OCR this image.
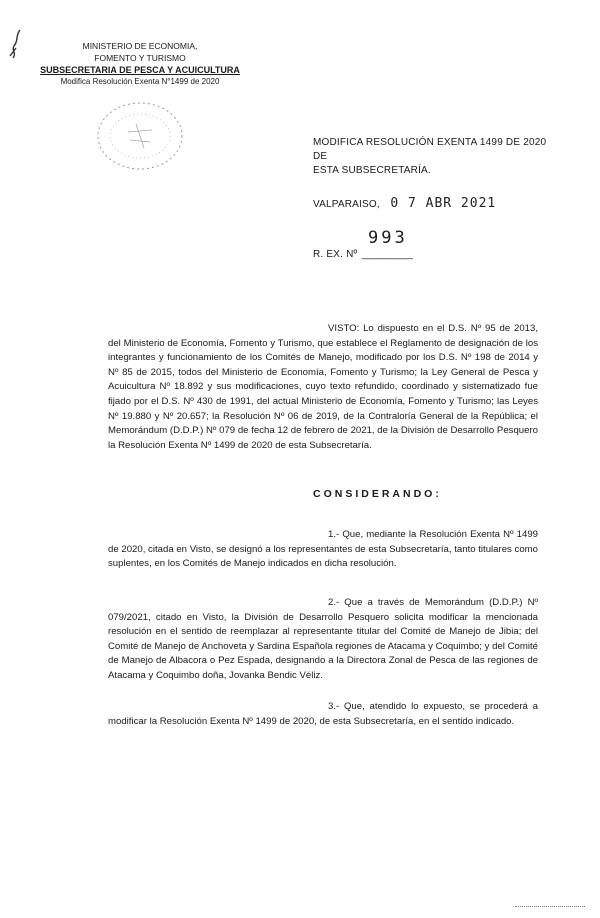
MINISTERIO DE ECONOMIA,
FOMENTO Y TURISMO
SUBSECRETARIA DE PESCA Y ACUICULTURA
Modifica Resolución Exenta N°1499 de 2020
MODIFICA RESOLUCIÓN EXENTA 1499 DE 2020 DE
ESTA SUBSECRETARÍA.
VALPARAISO, 0 7 ABR 2021
R. EX. Nº __________
993
VISTO: Lo dispuesto en el D.S. Nº 95 de 2013, del Ministerio de Economía, Fomento y Turismo, que establece el Reglamento de designación de los integrantes y funcionamiento de los Comités de Manejo, modificado por los D.S. Nº 198 de 2014 y Nº 85 de 2015, todos del Ministerio de Economía, Fomento y Turismo; la Ley General de Pesca y Acuicultura Nº 18.892 y sus modificaciones, cuyo texto refundido, coordinado y sistematizado fue fijado por el D.S. Nº 430 de 1991, del actual Ministerio de Economía, Fomento y Turismo; las Leyes Nº 19.880 y Nº 20.657; la Resolución Nº 06 de 2019, de la Contraloría General de la República; el Memorándum (D.D.P.) Nº 079 de fecha 12 de febrero de 2021, de la División de Desarrollo Pesquero la Resolución Exenta Nº 1499 de 2020 de esta Subsecretaría.
CONSIDERANDO:
1.- Que, mediante la Resolución Exenta Nº 1499 de 2020, citada en Visto, se designó a los representantes de esta Subsecretaría, tanto titulares como suplentes, en los Comités de Manejo indicados en dicha resolución.
2.- Que a través de Memorándum (D.D.P.) Nº 079/2021, citado en Visto, la División de Desarrollo Pesquero solicita modificar la mencionada resolución en el sentido de reemplazar al representante titular del Comité de Manejo de Jibia; del Comité de Manejo de Anchoveta y Sardina Española regiones de Atacama y Coquimbo; y del Comité de Manejo de Albacora o Pez Espada, designando a la Directora Zonal de Pesca de las regiones de Atacama y Coquimbo doña, Jovanka Bendic Véliz.
3.- Que, atendido lo expuesto, se procederá a modificar la Resolución Exenta Nº 1499 de 2020, de esta Subsecretaría, en el sentido indicado.
